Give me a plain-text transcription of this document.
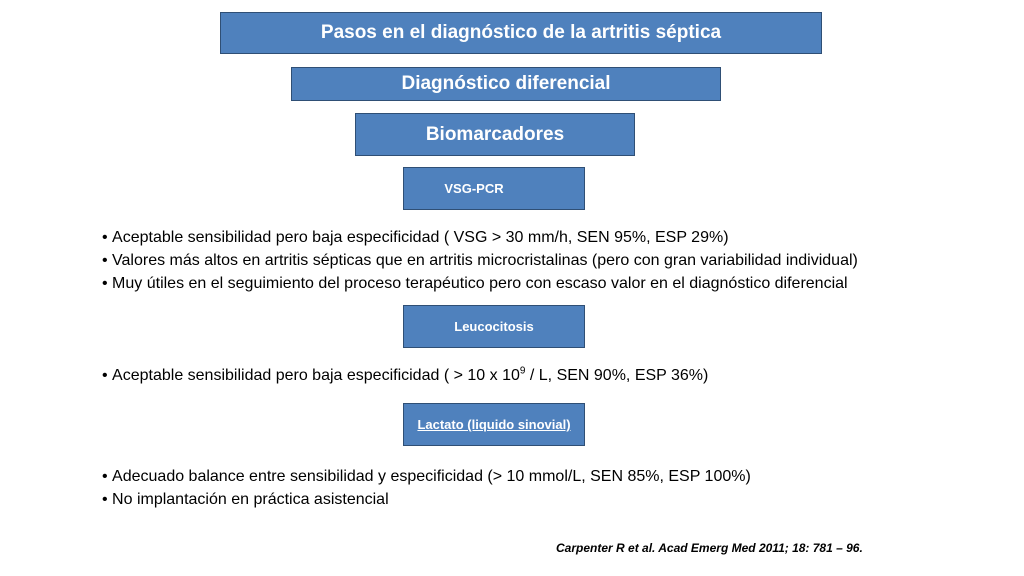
Pasos en el diagnóstico de la artritis séptica
Diagnóstico diferencial
Biomarcadores
VSG-PCR
• Aceptable sensibilidad pero baja especificidad ( VSG > 30 mm/h, SEN 95%, ESP 29%)
• Valores más altos en artritis sépticas que en artritis microcristalinas (pero con gran variabilidad individual)
• Muy útiles en el seguimiento del proceso terapéutico pero con escaso valor en el diagnóstico diferencial
Leucocitosis
• Aceptable sensibilidad pero baja especificidad ( > 10 x $10^9$ / L, SEN 90%, ESP 36%)
Lactato (liquido sinovial)
• Adecuado balance entre sensibilidad y especificidad (> 10 mmol/L, SEN 85%, ESP 100%)
• No implantación en práctica asistencial
Carpenter R et al. Acad Emerg Med 2011; 18: 781 – 96.
